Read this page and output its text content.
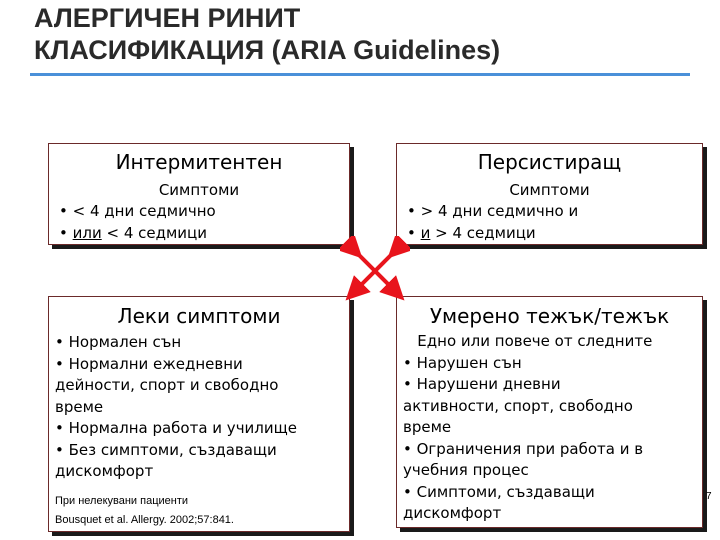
АЛЕРГИЧЕН РИНИТ
КЛАСИФИКАЦИЯ (ARIA Guidelines)
Интермитентен
Симптоми
• < 4 дни седмично
• или < 4 седмици
Персистиращ
Симптоми
• > 4 дни седмично и
• и > 4 седмици
Леки симптоми
• Нормален сън
• Нормални ежедневни
дейности, спорт и свободно
време
• Нормална работа и училище
• Без симптоми, създаващи
дискомфорт
При нелекувани пациенти
Bousquet et al. Allergy. 2002;57:841.
Умерено тежък/тежък
Едно или повече от следните
• Нарушен сън
• Нарушени дневни
активности, спорт, свободно
време
• Ограничения при работа и в
учебния процес
• Симптоми, създаващи
дискомфорт
7
